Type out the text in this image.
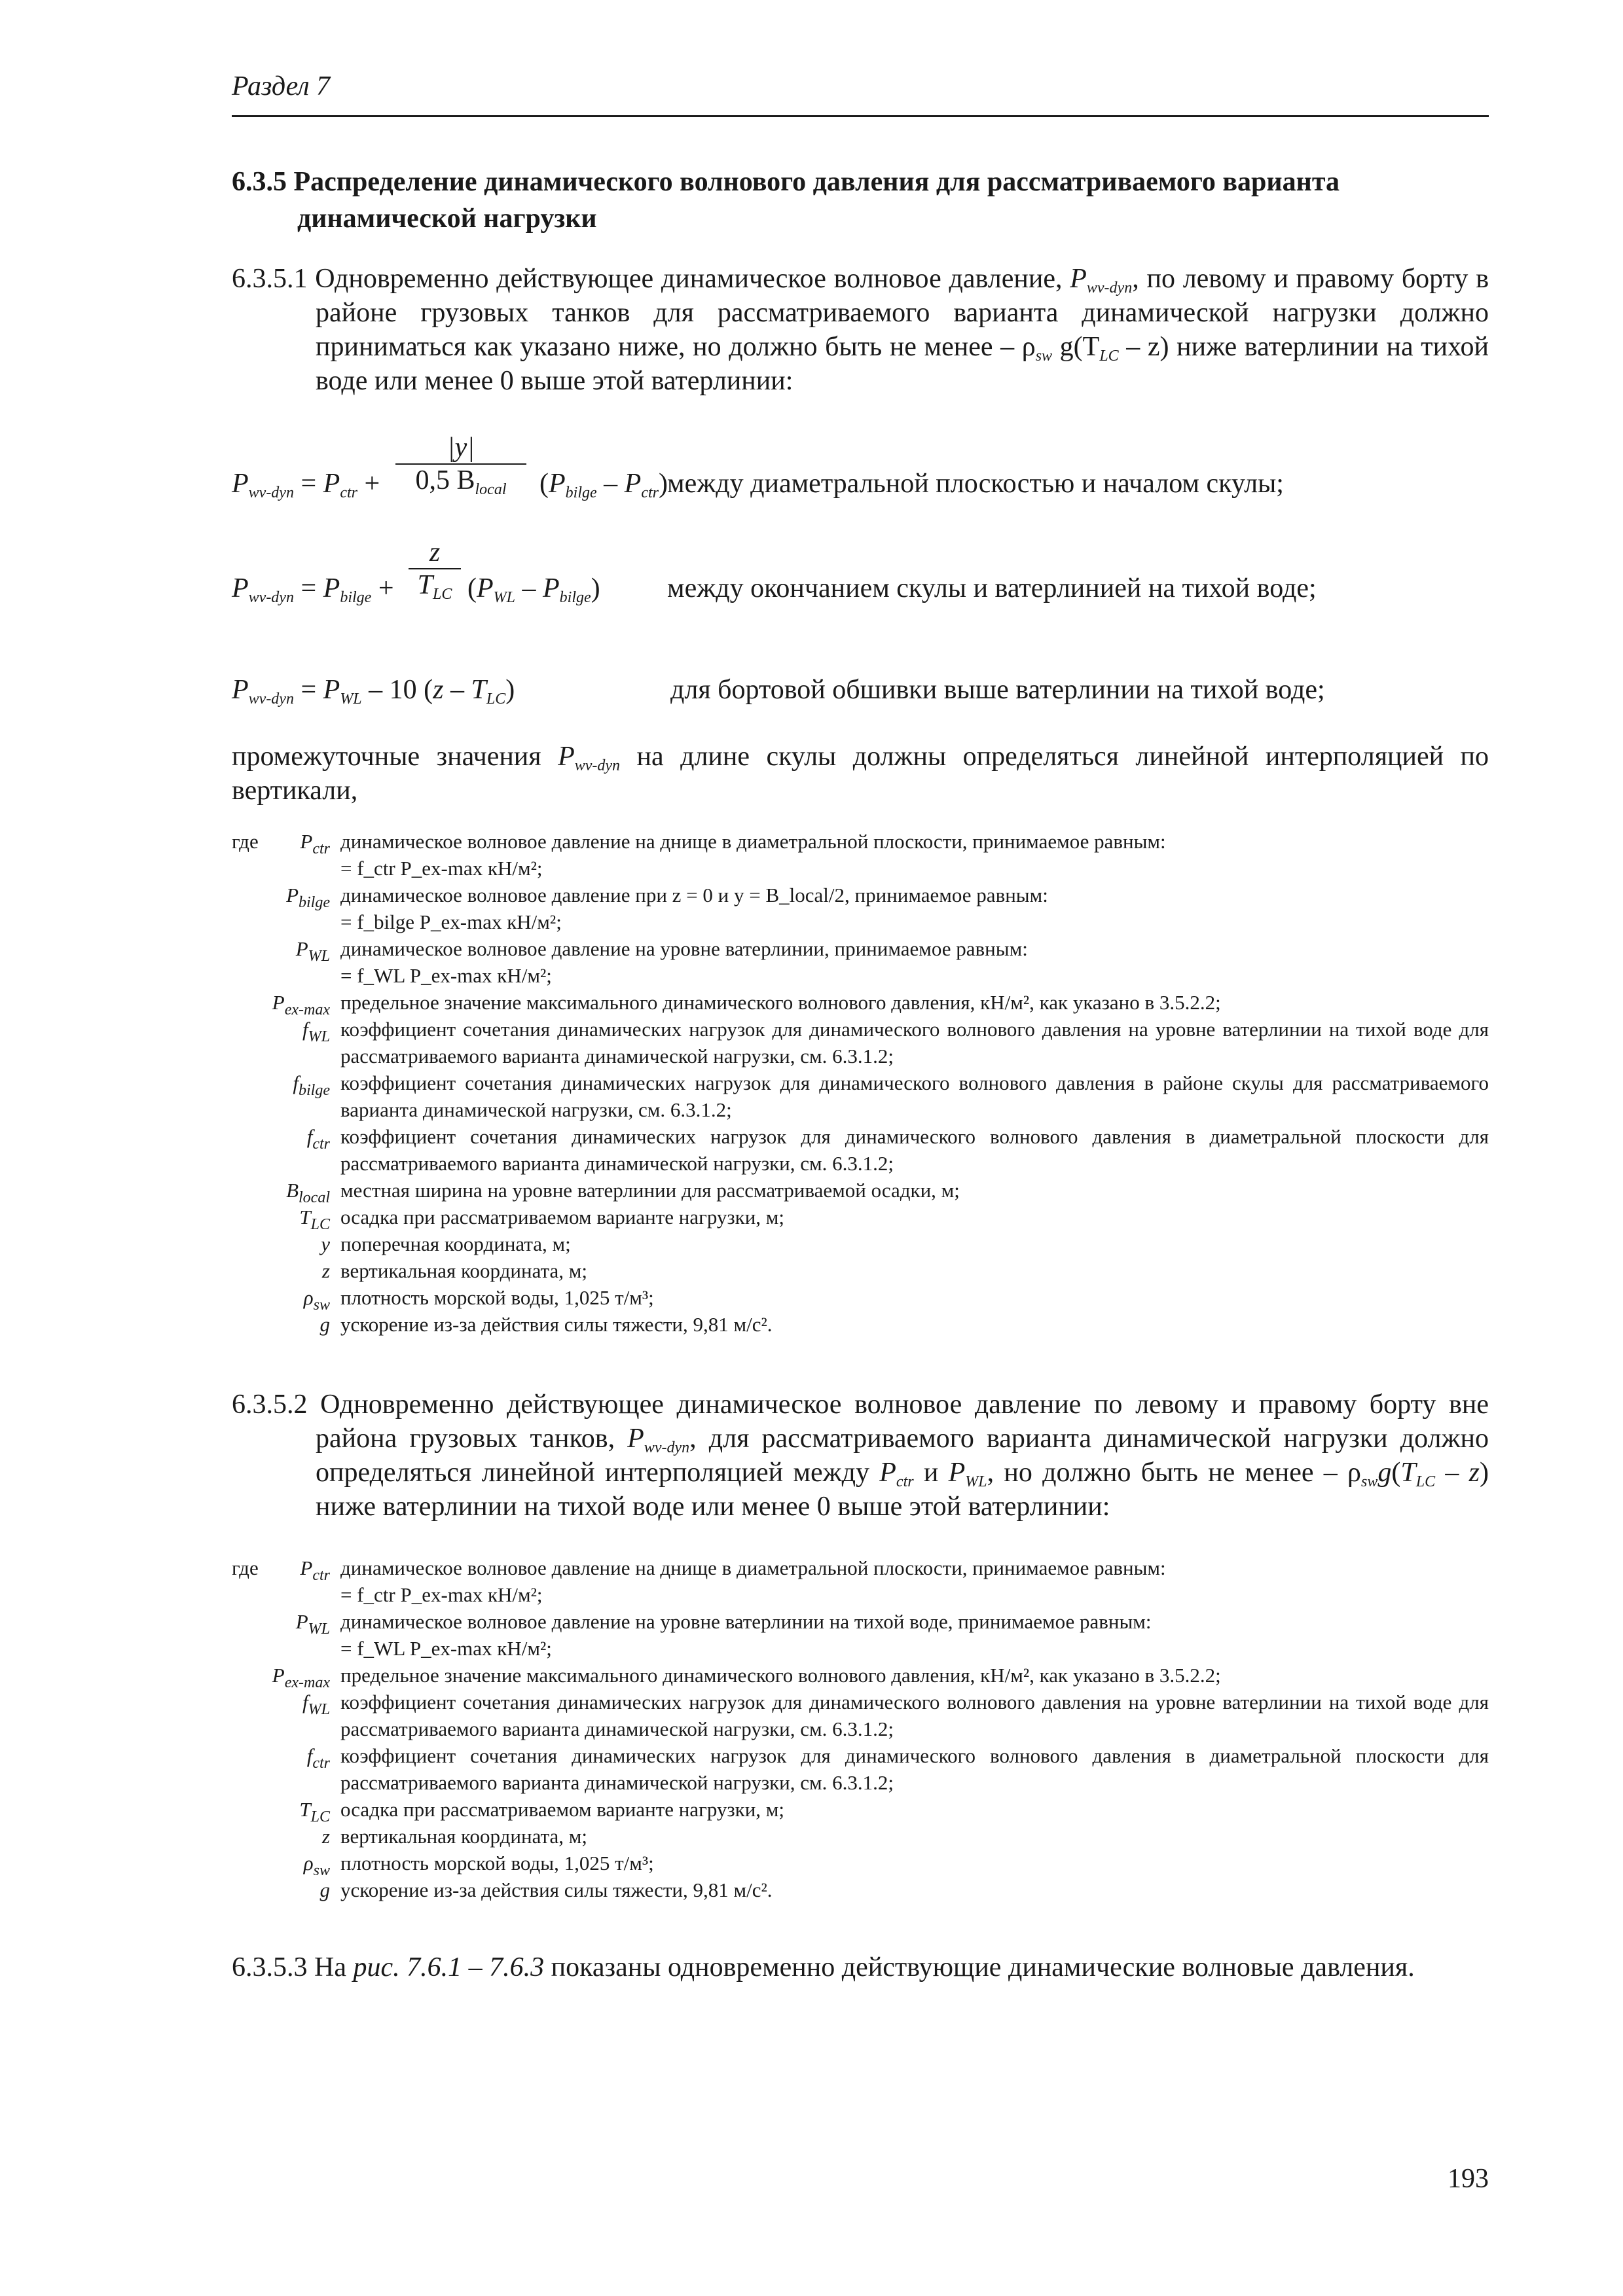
Раздел 7
6.3.5 Распределение динамического волнового давления для рассматриваемого варианта динамической нагрузки
6.3.5.1 Одновременно действующее динамическое волновое давление, $P_{wv-dyn}$, по левому и правому борту в районе грузовых танков для рассматриваемого варианта динамической нагрузки должно приниматься как указано ниже, но должно быть не менее – $\rho_{sw}$ $g(T_{LC} - z)$ ниже ватерлинии на тихой воде или менее 0 выше этой ватерлинии:
$P_{wv-dyn} = P_{ctr}$ +
|y|
0,5 $B_{local}$	$(P_{bilge} - P_{ctr})$ между диаметральной плоскостью и началом скулы;
$P_{wv-dyn} = P_{bilge}$ +
z
$T_{LC}$ $(P_{WL} - P_{bilge})$ между окончанием скулы и ватерлинией на тихой воде;
$P_{wv-dyn} = P_{WL} - 10$ $(z - T_{LC})$	для бортовой обшивки выше ватерлинии на тихой воде;
промежуточные значения $P_{wv-dyn}$ на длине скулы должны определяться линейной интерполяцией по вертикали,
где	$P_{ctr}$ динамическое волновое давление на днище в диаметральной плоскости, принимаемое равным:
= f_ctr P_ex-max кН/м²;
$P_{bilge}$ динамическое волновое давление при z = 0 и y = B_local/2, принимаемое равным:
= f_bilge P_ex-max кН/м²;
$P_{WL}$ динамическое волновое давление на уровне ватерлинии, принимаемое равным:
= f_WL P_ex-max кН/м²;
$P_{ex-max}$ предельное значение максимального динамического волнового давления, кН/м², как указано в 3.5.2.2;
$f_{WL}$ коэффициент сочетания динамических нагрузок для динамического волнового давления на уровне ватерлинии на тихой воде для рассматриваемого варианта динамической нагрузки, см. 6.3.1.2;
$f_{bilge}$ коэффициент сочетания динамических нагрузок для динамического волнового давления в районе скулы для рассматриваемого варианта динамической нагрузки, см. 6.3.1.2;
$f_{ctr}$ коэффициент сочетания динамических нагрузок для динамического волнового давления в диаметральной плоскости для рассматриваемого варианта динамической нагрузки, см. 6.3.1.2;
$B_{local}$ местная ширина на уровне ватерлинии для рассматриваемой осадки, м;
$T_{LC}$ осадка при рассматриваемом варианте нагрузки, м;
y поперечная координата, м;
z вертикальная координата, м;
$\rho_{sw}$ плотность морской воды, 1,025 т/м³;
g ускорение из-за действия силы тяжести, 9,81 м/с².
6.3.5.2 Одновременно действующее динамическое волновое давление по левому и правому борту вне района грузовых танков, $P_{wv-dyn}$, для рассматриваемого варианта динамической нагрузки должно определяться линейной интерполяцией между $P_{ctr}$ и $P_{WL}$, но должно быть не менее – $\rho_{sw}g(T_{LC} - z)$ ниже ватерлинии на тихой воде или менее 0 выше этой ватерлинии:
где	$P_{ctr}$ динамическое волновое давление на днище в диаметральной плоскости, принимаемое равным:
= f_ctr P_ex-max кН/м²;
$P_{WL}$ динамическое волновое давление на уровне ватерлинии на тихой воде, принимаемое равным:
= f_WL P_ex-max кН/м²;
$P_{ex-max}$ предельное значение максимального динамического волнового давления, кН/м², как указано в 3.5.2.2;
$f_{WL}$ коэффициент сочетания динамических нагрузок для динамического волнового давления на уровне ватерлинии на тихой воде для рассматриваемого варианта динамической нагрузки, см. 6.3.1.2;
$f_{ctr}$ коэффициент сочетания динамических нагрузок для динамического волнового давления в диаметральной плоскости для рассматриваемого варианта динамической нагрузки, см. 6.3.1.2;
$T_{LC}$ осадка при рассматриваемом варианте нагрузки, м;
z вертикальная координата, м;
$\rho_{sw}$ плотность морской воды, 1,025 т/м³;
g ускорение из-за действия силы тяжести, 9,81 м/с².
6.3.5.3 На рис. 7.6.1 – 7.6.3 показаны одновременно действующие динамические волновые давления.
193
